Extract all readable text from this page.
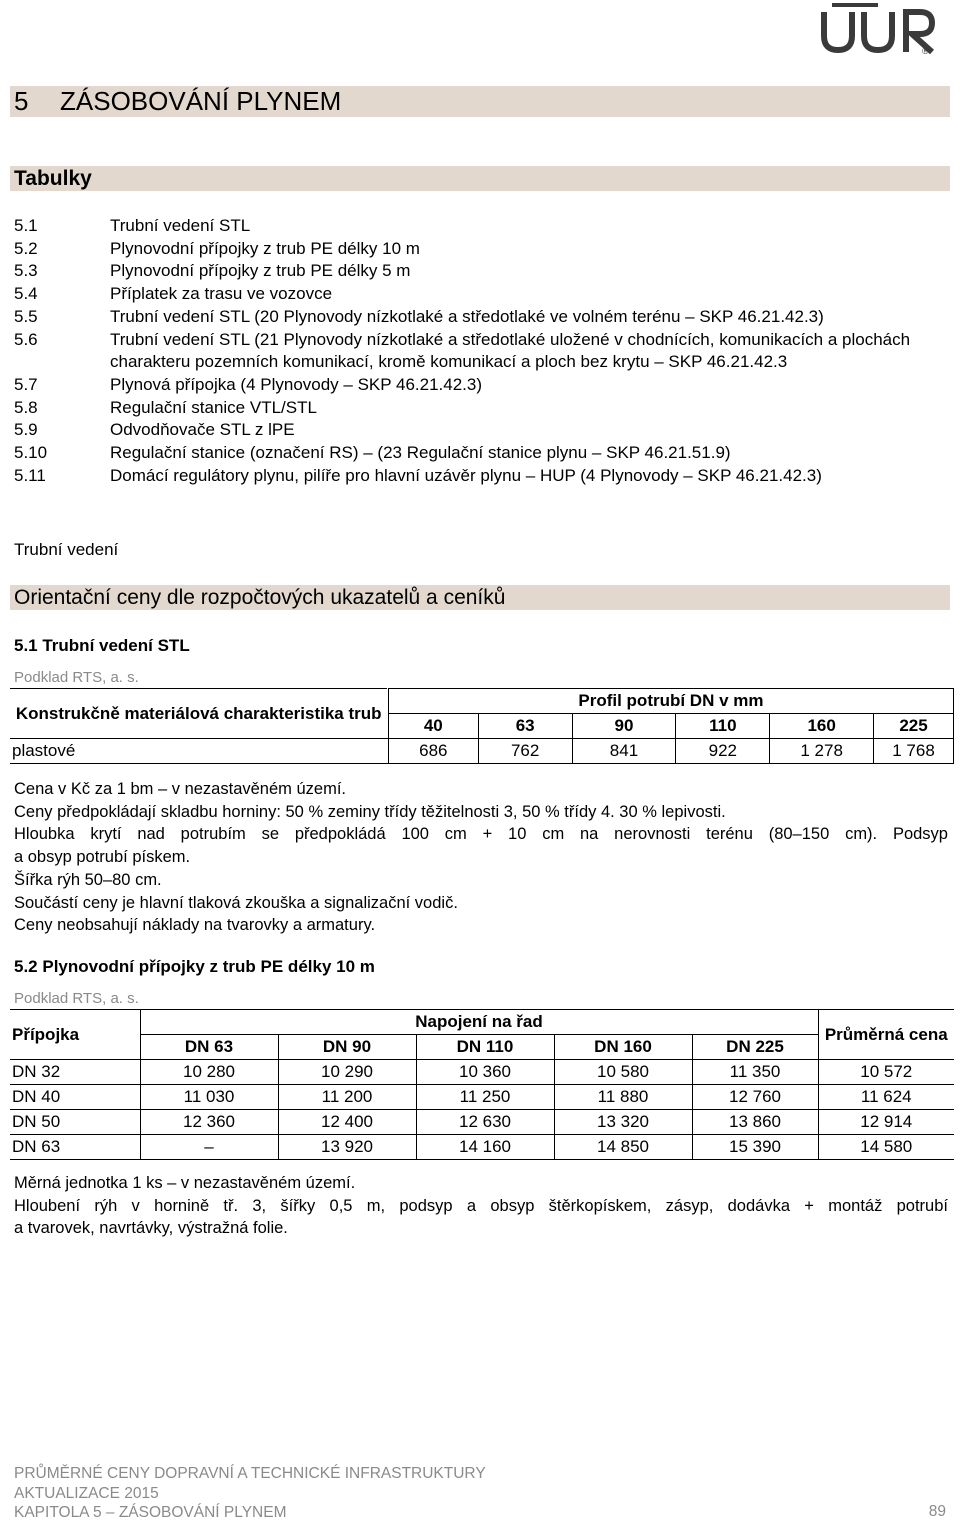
®
5 ZÁSOBOVÁNÍ PLYNEM
Tabulky
5.1	Trubní vedení STL
5.2	Plynovodní přípojky z trub PE délky 10 m
5.3	Plynovodní přípojky z trub PE délky 5 m
5.4	Příplatek za trasu ve vozovce
5.5	Trubní vedení STL (20 Plynovody nízkotlaké a středotlaké ve volném terénu – SKP 46.21.42.3)
5.6	Trubní vedení STL (21 Plynovody nízkotlaké a středotlaké uložené v chodnících, komunikacích a plochách charakteru pozemních komunikací, kromě komunikací a ploch bez krytu – SKP 46.21.42.3
5.7	Plynová přípojka (4 Plynovody – SKP 46.21.42.3)
5.8	Regulační stanice VTL/STL
5.9	Odvodňovače STL z lPE
5.10	Regulační stanice (označení RS) – (23 Regulační stanice plynu – SKP 46.21.51.9)
5.11	Domácí regulátory plynu, pilíře pro hlavní uzávěr plynu – HUP (4 Plynovody – SKP 46.21.42.3)
Trubní vedení
Orientační ceny dle rozpočtových ukazatelů a ceníků
5.1 Trubní vedení STL
Podklad RTS, a. s.
Konstrukčně materiálová charakteristika trub		Profil potrubí DN v mm					
	40	63	90	110	160	225
plastové	686	762	841	922	1 278	1 768

Cena v Kč za 1 bm – v nezastavěném území.

Ceny předpokládají skladbu horniny: 50 % zeminy třídy těžitelnosti 3, 50 % třídy 4. 30 % lepivosti.

Hloubka krytí nad potrubím se předpokládá 100 cm + 10 cm na nerovnosti terénu (80–150 cm). Podsyp

a obsyp potrubí pískem.

Šířka rýh 50–80 cm.

Součástí ceny je hlavní tlaková zkouška a signalizační vodič.

Ceny neobsahují náklady na tvarovky a armatury.

5.2 Plynovodní přípojky z trub PE délky 10 m
Podklad RTS, a. s.
Přípojka	Napojení na řad					Průměrná cena
	DN 63	DN 90	DN 110	DN 160	DN 225	
DN 32	10 280	10 290	10 360	10 580	11 350	10 572
DN 40	11 030	11 200	11 250	11 880	12 760	11 624
DN 50	12 360	12 400	12 630	13 320	13 860	12 914
DN 63	–	13 920	14 160	14 850	15 390	14 580

Měrná jednotka 1 ks – v nezastavěném území.

Hloubení rýh v hornině tř. 3, šířky 0,5 m, podsyp a obsyp štěrkopískem, zásyp, dodávka + montáž potrubí

a tvarovek, navrtávky, výstražná folie.

PRŮMĚRNÉ CENY DOPRAVNÍ A TECHNICKÉ INFRASTRUKTURY
AKTUALIZACE 2015
KAPITOLA 5 – ZÁSOBOVÁNÍ PLYNEM	89
